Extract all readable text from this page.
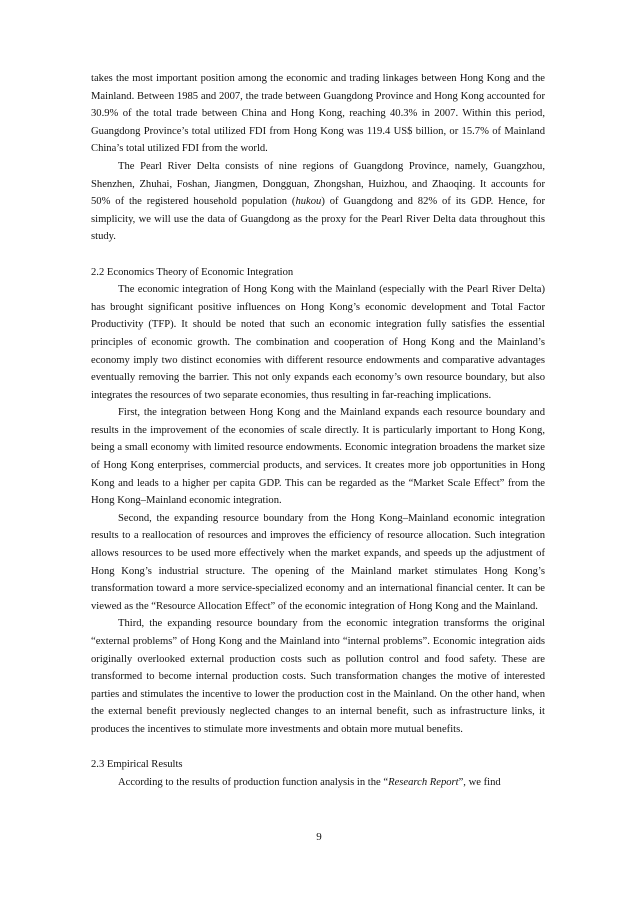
takes the most important position among the economic and trading linkages between Hong Kong and the Mainland. Between 1985 and 2007, the trade between Guangdong Province and Hong Kong accounted for 30.9% of the total trade between China and Hong Kong, reaching 40.3% in 2007. Within this period, Guangdong Province’s total utilized FDI from Hong Kong was 119.4 US$ billion, or 15.7% of Mainland China’s total utilized FDI from the world.

The Pearl River Delta consists of nine regions of Guangdong Province, namely, Guangzhou, Shenzhen, Zhuhai, Foshan, Jiangmen, Dongguan, Zhongshan, Huizhou, and Zhaoqing. It accounts for 50% of the registered household population (hukou) of Guangdong and 82% of its GDP. Hence, for simplicity, we will use the data of Guangdong as the proxy for the Pearl River Delta data throughout this study.

2.2 Economics Theory of Economic Integration

The economic integration of Hong Kong with the Mainland (especially with the Pearl River Delta) has brought significant positive influences on Hong Kong’s economic development and Total Factor Productivity (TFP). It should be noted that such an economic integration fully satisfies the essential principles of economic growth. The combination and cooperation of Hong Kong and the Mainland’s economy imply two distinct economies with different resource endowments and comparative advantages eventually removing the barrier. This not only expands each economy’s own resource boundary, but also integrates the resources of two separate economies, thus resulting in far-reaching implications.

First, the integration between Hong Kong and the Mainland expands each resource boundary and results in the improvement of the economies of scale directly. It is particularly important to Hong Kong, being a small economy with limited resource endowments. Economic integration broadens the market size of Hong Kong enterprises, commercial products, and services. It creates more job opportunities in Hong Kong and leads to a higher per capita GDP. This can be regarded as the “Market Scale Effect” from the Hong Kong–Mainland economic integration.

Second, the expanding resource boundary from the Hong Kong–Mainland economic integration results to a reallocation of resources and improves the efficiency of resource allocation. Such integration allows resources to be used more effectively when the market expands, and speeds up the adjustment of Hong Kong’s industrial structure. The opening of the Mainland market stimulates Hong Kong’s transformation toward a more service-specialized economy and an international financial center. It can be viewed as the “Resource Allocation Effect” of the economic integration of Hong Kong and the Mainland.

Third, the expanding resource boundary from the economic integration transforms the original “external problems” of Hong Kong and the Mainland into “internal problems”. Economic integration aids originally overlooked external production costs such as pollution control and food safety. These are transformed to become internal production costs. Such transformation changes the motive of interested parties and stimulates the incentive to lower the production cost in the Mainland. On the other hand, when the external benefit previously neglected changes to an internal benefit, such as infrastructure links, it produces the incentives to stimulate more investments and obtain more mutual benefits.

2.3 Empirical Results

According to the results of production function analysis in the “Research Report”, we find

9
